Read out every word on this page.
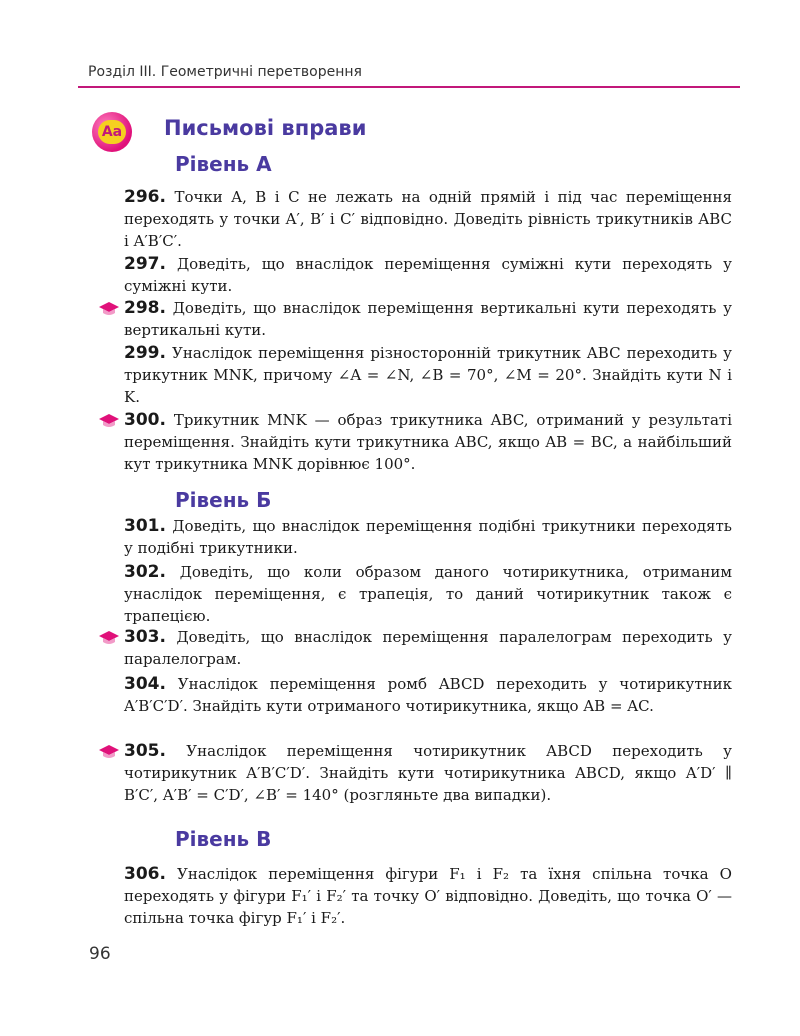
Розділ ІІІ. Геометричні перетворення
Aa Письмові вправи
Рівень А
296. Точки A, B і C не лежать на одній прямій і під час переміщення переходять у точки A′, B′ і C′ відповідно. Доведіть рівність трикутників ABC і A′B′C′.
297. Доведіть, що внаслідок переміщення суміжні кути переходять у суміжні кути.
298. Доведіть, що внаслідок переміщення вертикальні кути переходять у вертикальні кути.
299. Унаслідок переміщення різносторонній трикутник ABC переходить у трикутник MNK, причому ∠A = ∠N, ∠B = 70°, ∠M = 20°. Знайдіть кути N і K.
300. Трикутник MNK — образ трикутника ABC, отриманий у результаті переміщення. Знайдіть кути трикутника ABC, якщо AB = BC, а найбільший кут трикутника MNK дорівнює 100°.
Рівень Б
301. Доведіть, що внаслідок переміщення подібні трикутники переходять у подібні трикутники.
302. Доведіть, що коли образом даного чотирикутника, отриманим унаслідок переміщення, є трапеція, то даний чотирикутник також є трапецією.
303. Доведіть, що внаслідок переміщення паралелограм переходить у паралелограм.
304. Унаслідок переміщення ромб ABCD переходить у чотирикутник A′B′C′D′. Знайдіть кути отриманого чотирикутника, якщо AB = AC.
305. Унаслідок переміщення чотирикутник ABCD переходить у чотирикутник A′B′C′D′. Знайдіть кути чотирикутника ABCD, якщо A′D′ ∥ B′C′, A′B′ = C′D′, ∠B′ = 140° (розгляньте два випадки).
Рівень В
306. Унаслідок переміщення фігури F₁ і F₂ та їхня спільна точка O переходять у фігури F₁′ і F₂′ та точку O′ відповідно. Доведіть, що точка O′ — спільна точка фігур F₁′ і F₂′.
96
